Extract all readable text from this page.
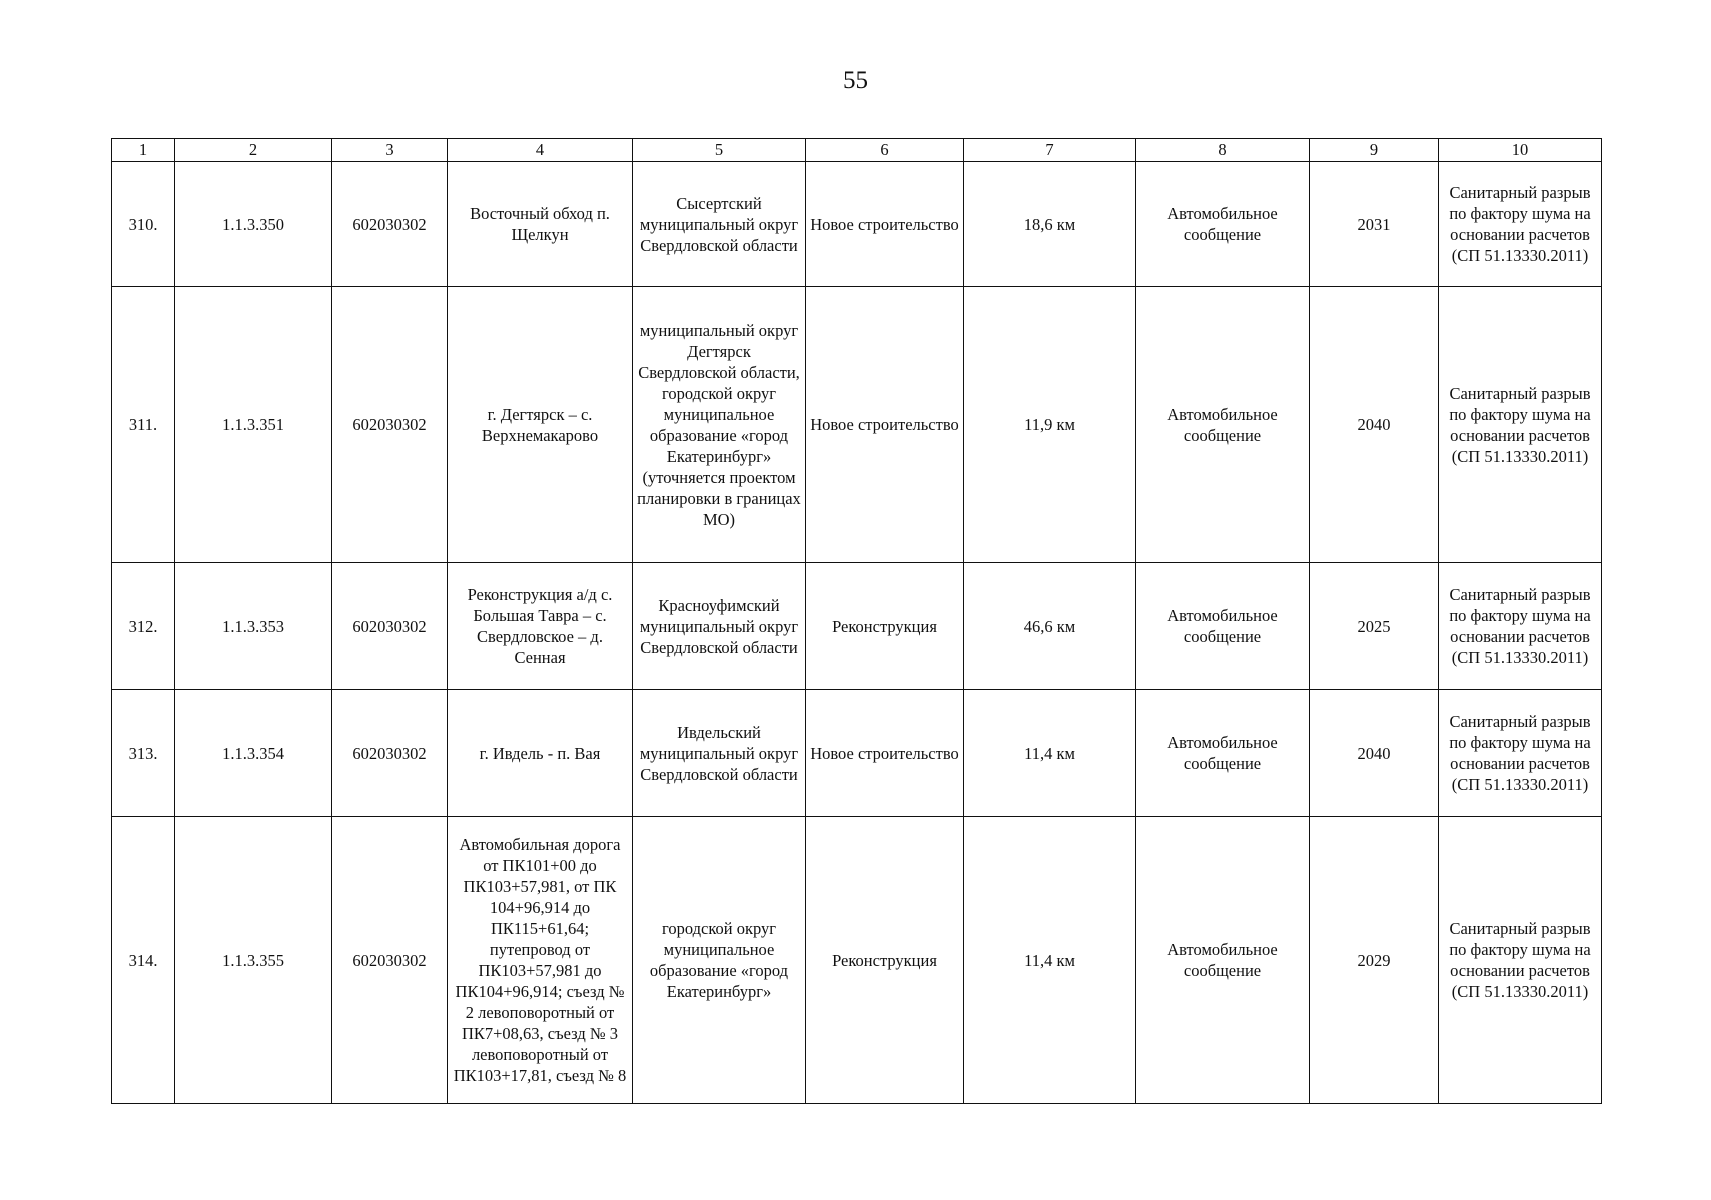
55
1	2	3	4	5	6	7	8	9	10
310.	1.1.3.350	602030302	Восточный обход п. Щелкун	Сысертский муниципальный округ Свердловской области	Новое строительство	18,6 км	Автомобильное сообщение	2031	Санитарный разрыв по фактору шума на основании расчетов (СП 51.13330.2011)
311.	1.1.3.351	602030302	г. Дегтярск – с. Верхнемакарово	муниципальный округ Дегтярск Свердловской области, городской округ муниципальное образование «город Екатеринбург» (уточняется проектом планировки в границах МО)	Новое строительство	11,9 км	Автомобильное сообщение	2040	Санитарный разрыв по фактору шума на основании расчетов (СП 51.13330.2011)
312.	1.1.3.353	602030302	Реконструкция а/д с. Большая Тавра – с. Свердловское – д. Сенная	Красноуфимский муниципальный округ Свердловской области	Реконструкция	46,6 км	Автомобильное сообщение	2025	Санитарный разрыв по фактору шума на основании расчетов (СП 51.13330.2011)
313.	1.1.3.354	602030302	г. Ивдель - п. Вая	Ивдельский муниципальный округ Свердловской области	Новое строительство	11,4 км	Автомобильное сообщение	2040	Санитарный разрыв по фактору шума на основании расчетов (СП 51.13330.2011)
314.	1.1.3.355	602030302	Автомобильная дорога от ПК101+00 до ПК103+57,981, от ПК 104+96,914 до ПК115+61,64; путепровод от ПК103+57,981 до ПК104+96,914; съезд № 2 левоповоротный от ПК7+08,63, съезд № 3 левоповоротный от ПК103+17,81, съезд № 8	городской округ муниципальное образование «город Екатеринбург»	Реконструкция	11,4 км	Автомобильное сообщение	2029	Санитарный разрыв по фактору шума на основании расчетов (СП 51.13330.2011)
